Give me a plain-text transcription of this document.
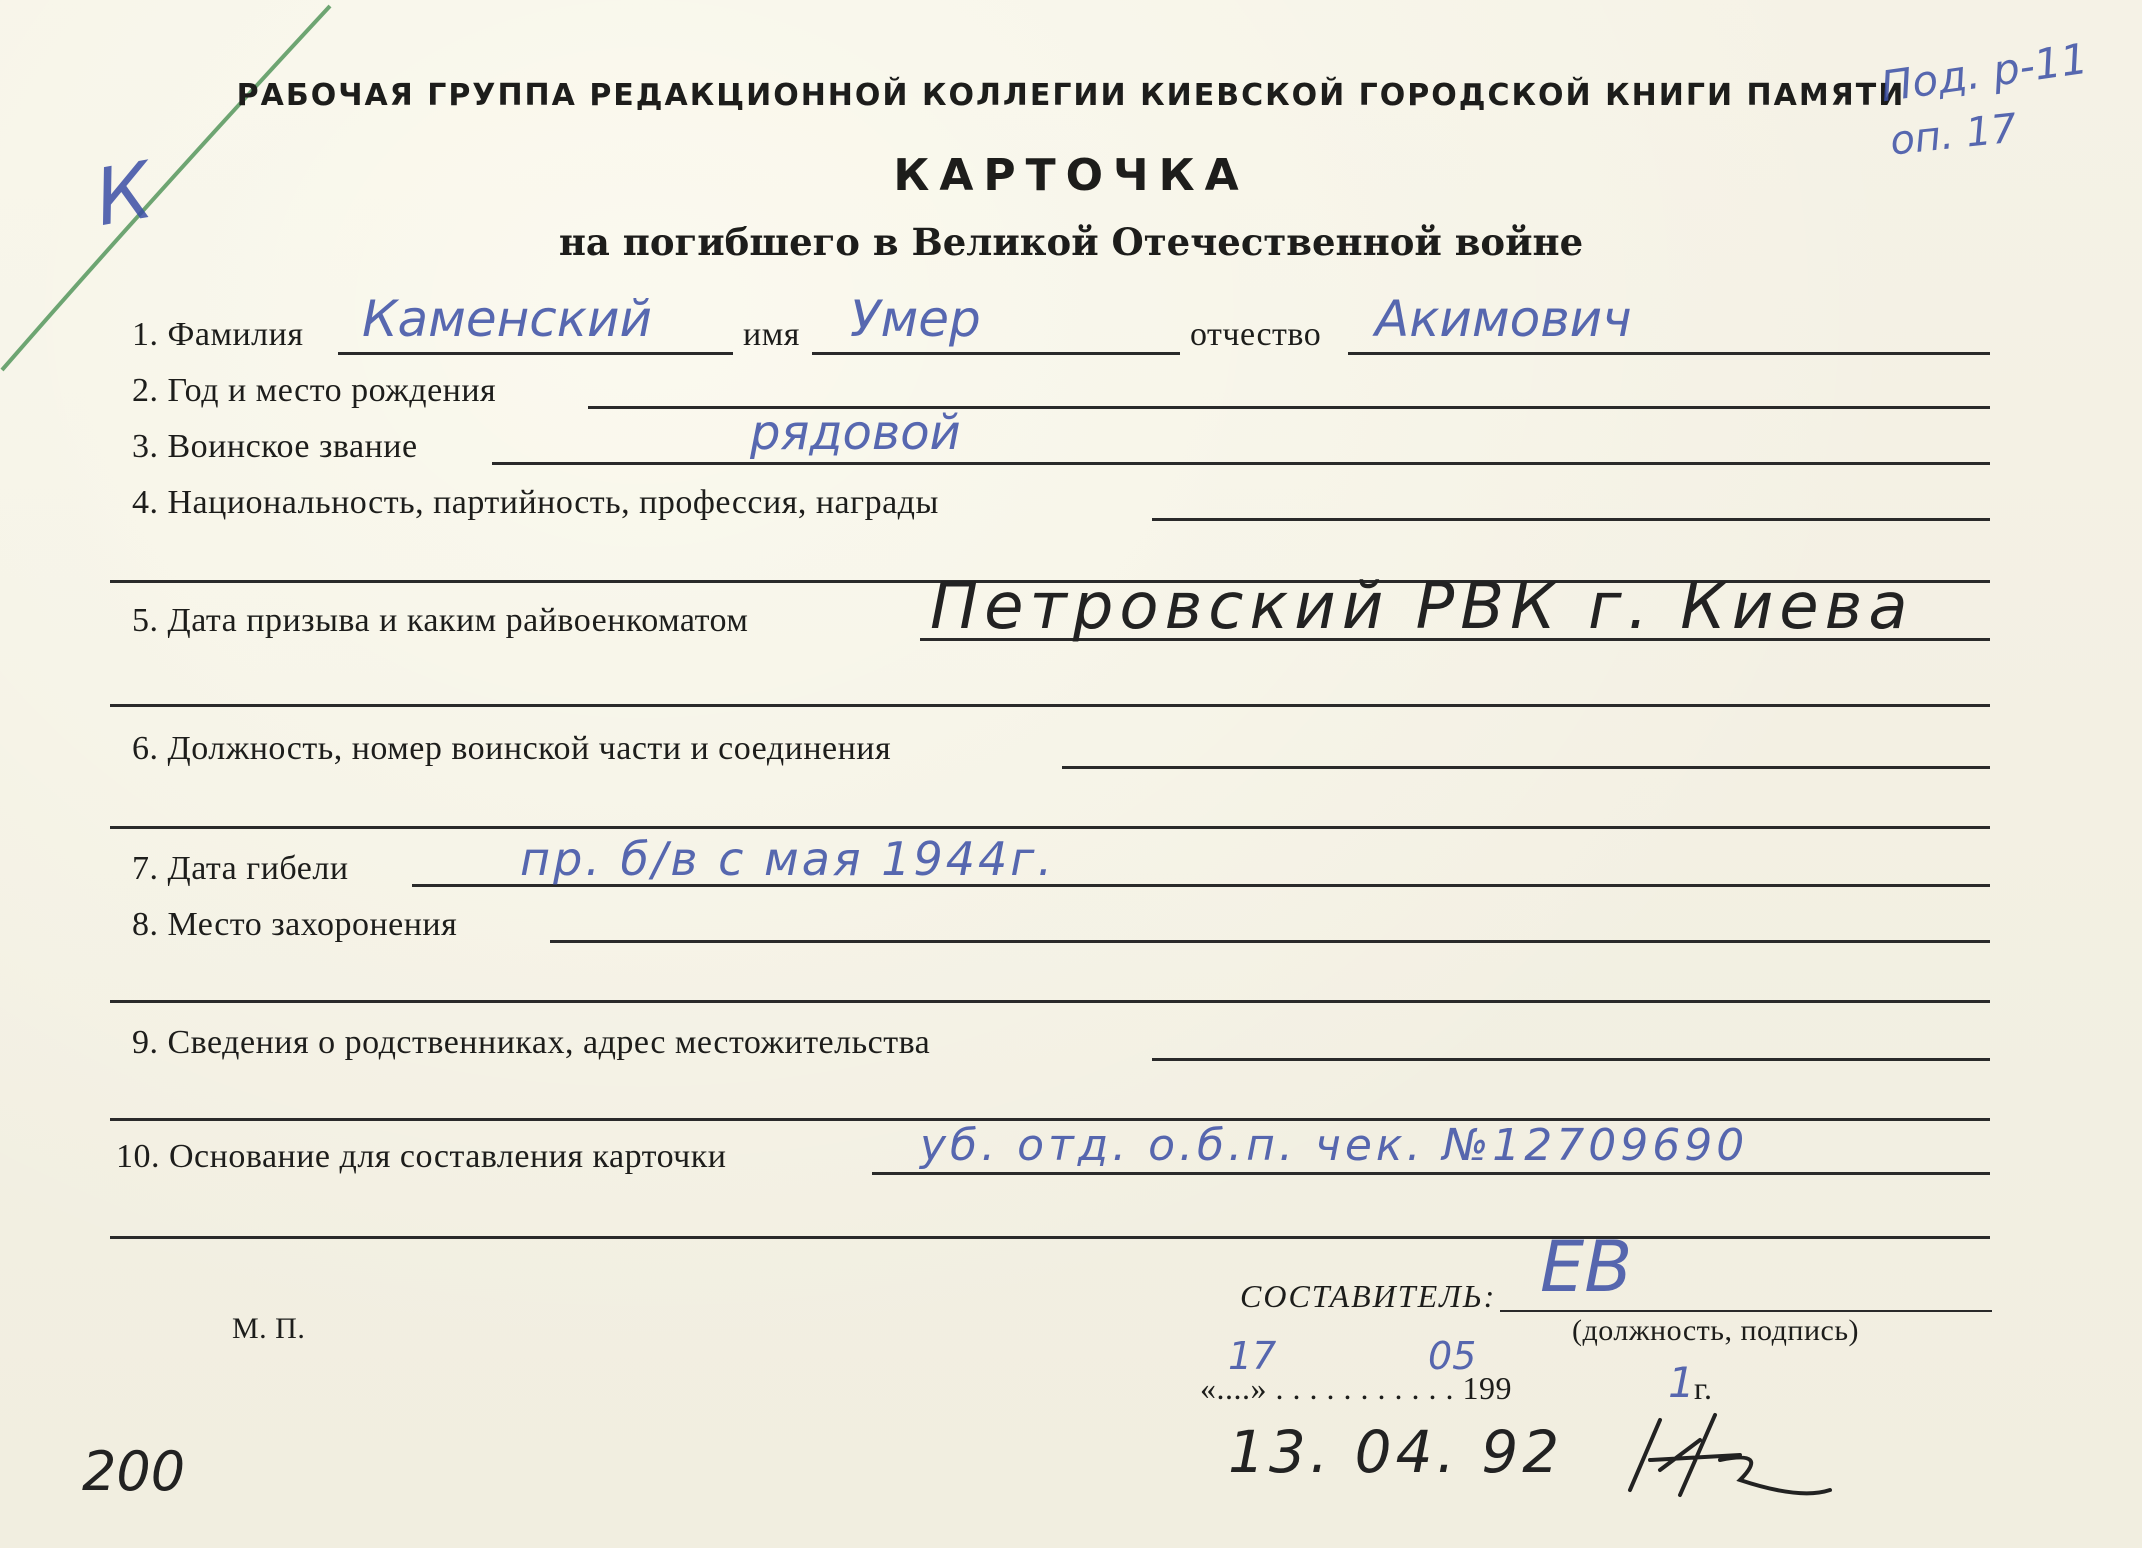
РАБОЧАЯ ГРУППА РЕДАКЦИОННОЙ КОЛЛЕГИИ КИЕВСКОЙ ГОРОДСКОЙ КНИГИ ПАМЯТИ
КАРТОЧКА
на погибшего в Великой Отечественной войне
Под. р-11
оп. 17
К
1. Фамилия Каменский	имя Умер	отчество Акимович
2. Год и место рождения
3. Воинское звание	рядовой
4. Национальность, партийность, профессия, награды
5. Дата призыва и каким райвоенкоматом	Петровский РВК г. Киева
6. Должность, номер воинской части и соединения
7. Дата гибели	пр. б/в с мая 1944г.
8. Место захоронения
9. Сведения о родственниках, адрес местожительства
10. Основание для составления карточки	уб. отд. о.б.п. чек. №12709690
СОСТАВИТЕЛЬ: ЕВ
(должность, подпись)
М. П.
17	05
«....» . . . . . . . . . . . 199	1 г.
13. 04. 92
200
